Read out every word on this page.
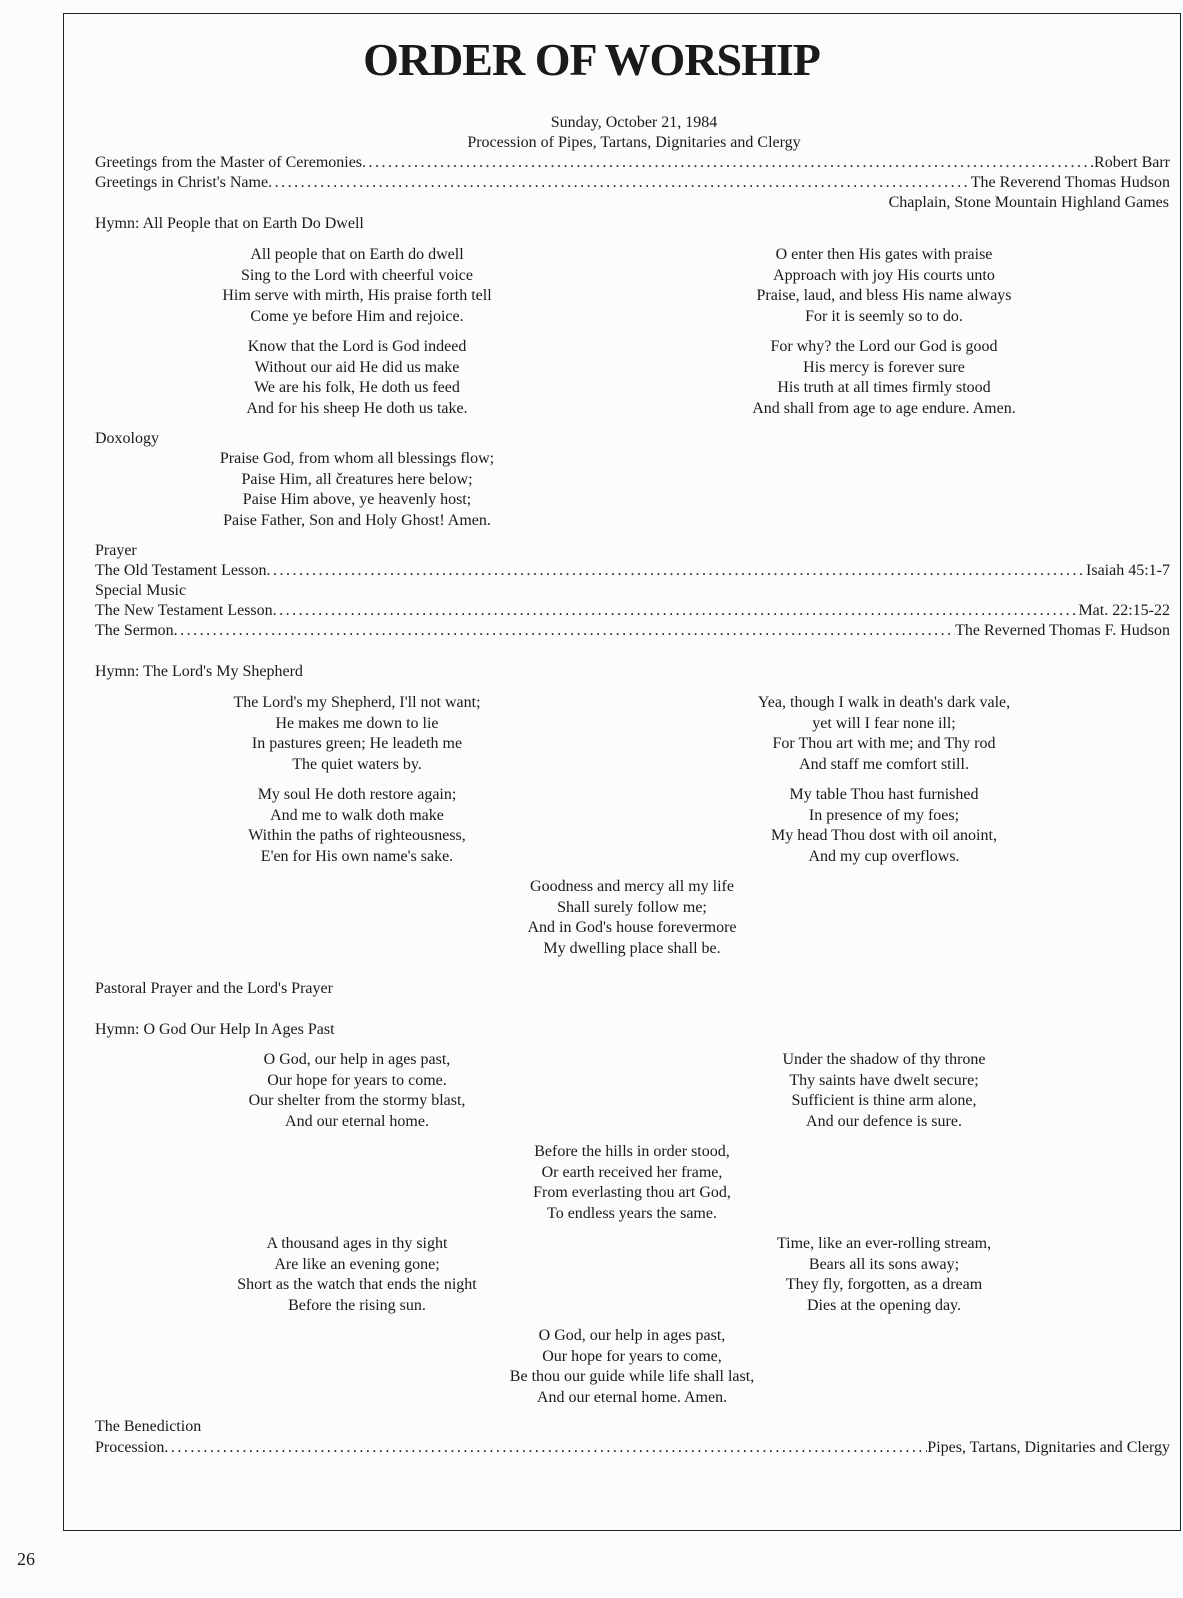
ORDER OF WORSHIP
Sunday, October 21, 1984
Procession of Pipes, Tartans, Dignitaries and Clergy
Greetings from the Master of Ceremonies .....	Robert Barr
Greetings in Christ's Name .....	The Reverend Thomas Hudson
Chaplain, Stone Mountain Highland Games
Hymn: All People that on Earth Do Dwell
All people that on Earth do dwell
Sing to the Lord with cheerful voice
Him serve with mirth, His praise forth tell
Come ye before Him and rejoice.
O enter then His gates with praise
Approach with joy His courts unto
Praise, laud, and bless His name always
For it is seemly so to do.
Know that the Lord is God indeed
Without our aid He did us make
We are his folk, He doth us feed
And for his sheep He doth us take.
For why? the Lord our God is good
His mercy is forever sure
His truth at all times firmly stood
And shall from age to age endure. Amen.
Doxology
Praise God, from whom all blessings flow;
Paise Him, all čreatures here below;
Paise Him above, ye heavenly host;
Paise Father, Son and Holy Ghost! Amen.
Prayer
The Old Testament Lesson .....	Isaiah 45:1-7
Special Music
The New Testament Lesson .....	Mat. 22:15-22
The Sermon .....	The Reverned Thomas F. Hudson
Hymn: The Lord's My Shepherd
The Lord's my Shepherd, I'll not want;
He makes me down to lie
In pastures green; He leadeth me
The quiet waters by.
Yea, though I walk in death's dark vale,
yet will I fear none ill;
For Thou art with me; and Thy rod
And staff me comfort still.
My soul He doth restore again;
And me to walk doth make
Within the paths of righteousness,
E'en for His own name's sake.
My table Thou hast furnished
In presence of my foes;
My head Thou dost with oil anoint,
And my cup overflows.
Goodness and mercy all my life
Shall surely follow me;
And in God's house forevermore
My dwelling place shall be.
Pastoral Prayer and the Lord's Prayer
Hymn: O God Our Help In Ages Past
O God, our help in ages past,
Our hope for years to come.
Our shelter from the stormy blast,
And our eternal home.
Under the shadow of thy throne
Thy saints have dwelt secure;
Sufficient is thine arm alone,
And our defence is sure.
Before the hills in order stood,
Or earth received her frame,
From everlasting thou art God,
To endless years the same.
A thousand ages in thy sight
Are like an evening gone;
Short as the watch that ends the night
Before the rising sun.
Time, like an ever-rolling stream,
Bears all its sons away;
They fly, forgotten, as a dream
Dies at the opening day.
O God, our help in ages past,
Our hope for years to come,
Be thou our guide while life shall last,
And our eternal home. Amen.
The Benediction
Procession .....	Pipes, Tartans, Dignitaries and Clergy
26
